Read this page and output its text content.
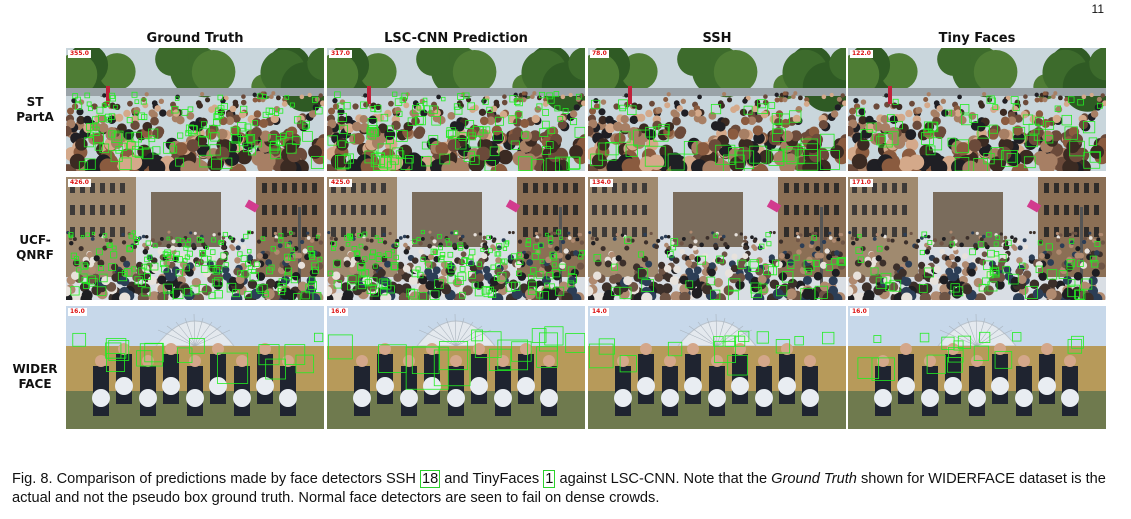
11
Ground Truth	LSC-CNN Prediction	SSH	Tiny Faces
ST
PartA
UCF-
QNRF
WIDER
FACE
355.0	317.0	78.0	122.0
426.0	425.0	134.0	171.0
16.0	16.0	14.0	16.0
Fig. 8. Comparison of predictions made by face detectors SSH 18 and TinyFaces 1 against LSC-CNN. Note that the Ground Truth shown for WIDERFACE dataset is the actual and not the pseudo box ground truth. Normal face detectors are seen to fail on dense crowds.
